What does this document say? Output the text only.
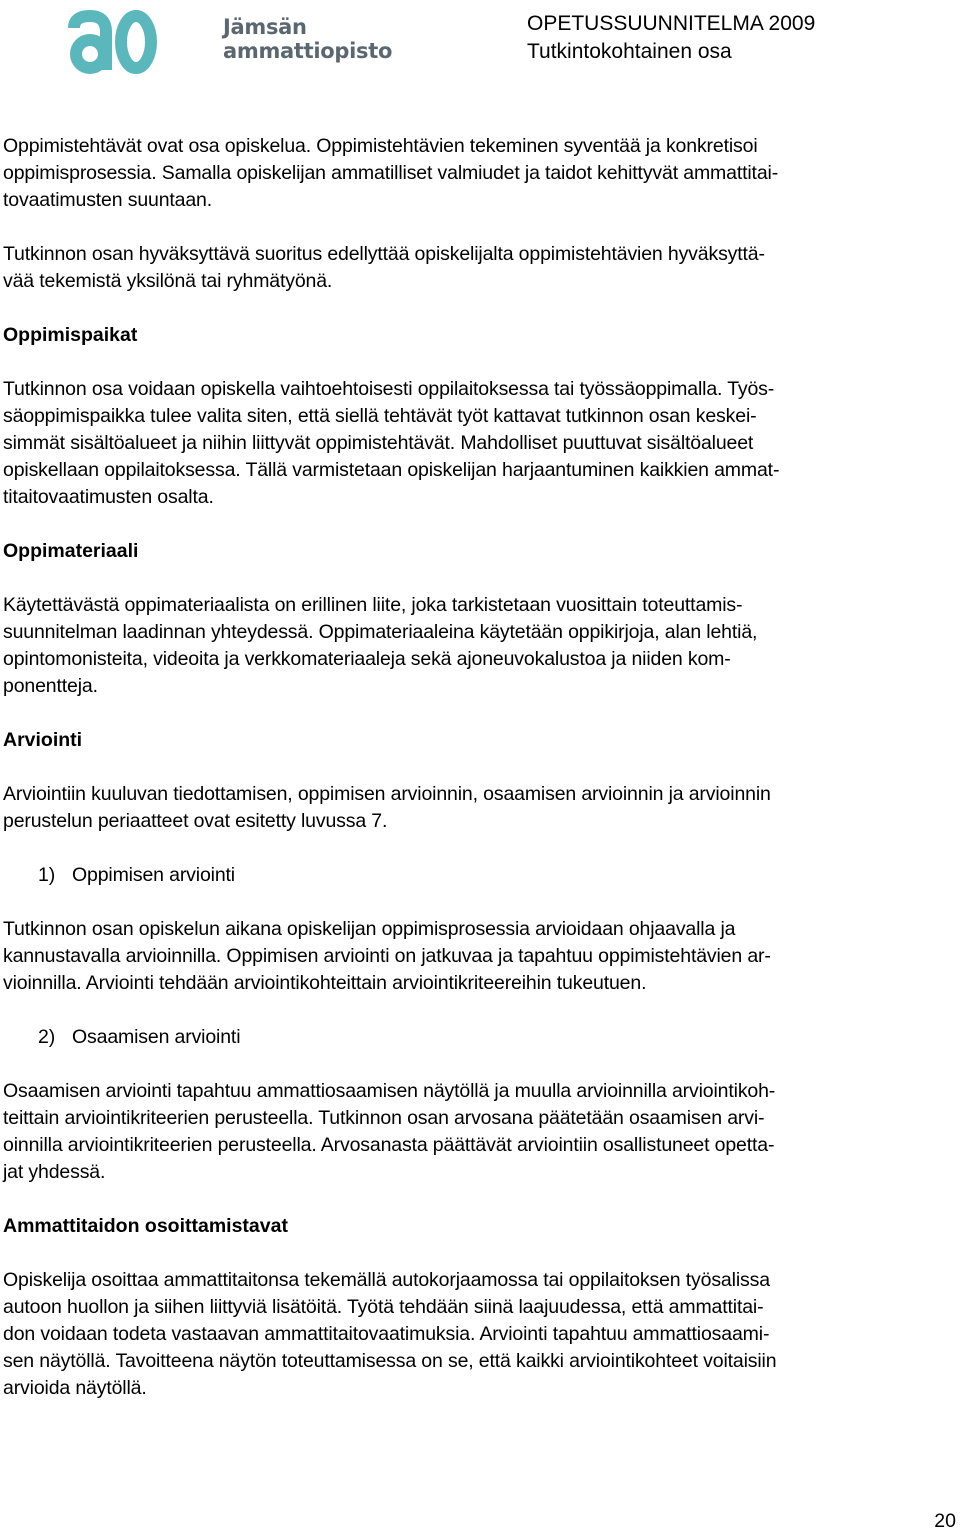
Jämsän
ammattiopisto
OPETUSSUUNNITELMA 2009
Tutkintokohtainen osa

Oppimistehtävät ovat osa opiskelua. Oppimistehtävien tekeminen syventää ja konkretisoi
oppimisprosessia. Samalla opiskelijan ammatilliset valmiudet ja taidot kehittyvät ammattitai-
tovaatimusten suuntaan.

Tutkinnon osan hyväksyttävä suoritus edellyttää opiskelijalta oppimistehtävien hyväksyttä-
vää tekemistä yksilönä tai ryhmätyönä.

Oppimispaikat

Tutkinnon osa voidaan opiskella vaihtoehtoisesti oppilaitoksessa tai työssäoppimalla. Työs-
säoppimispaikka tulee valita siten, että siellä tehtävät työt kattavat tutkinnon osan keskei-
simmät sisältöalueet ja niihin liittyvät oppimistehtävät. Mahdolliset puuttuvat sisältöalueet
opiskellaan oppilaitoksessa. Tällä varmistetaan opiskelijan harjaantuminen kaikkien ammat-
titaitovaatimusten osalta.

Oppimateriaali

Käytettävästä oppimateriaalista on erillinen liite, joka tarkistetaan vuosittain toteuttamis-
suunnitelman laadinnan yhteydessä. Oppimateriaaleina käytetään oppikirjoja, alan lehtiä,
opintomonisteita, videoita ja verkkomateriaaleja sekä ajoneuvokalustoa ja niiden kom-
ponentteja.

Arviointi

Arviointiin kuuluvan tiedottamisen, oppimisen arvioinnin, osaamisen arvioinnin ja arvioinnin
perustelun periaatteet ovat esitetty luvussa 7.

1) Oppimisen arviointi

Tutkinnon osan opiskelun aikana opiskelijan oppimisprosessia arvioidaan ohjaavalla ja
kannustavalla arvioinnilla. Oppimisen arviointi on jatkuvaa ja tapahtuu oppimistehtävien ar-
vioinnilla. Arviointi tehdään arviointikohteittain arviointikriteereihin tukeutuen.

2) Osaamisen arviointi

Osaamisen arviointi tapahtuu ammattiosaamisen näytöllä ja muulla arvioinnilla arviointikoh-
teittain arviointikriteerien perusteella. Tutkinnon osan arvosana päätetään osaamisen arvi-
oinnilla arviointikriteerien perusteella. Arvosanasta päättävät arviointiin osallistuneet opetta-
jat yhdessä.

Ammattitaidon osoittamistavat

Opiskelija osoittaa ammattitaitonsa tekemällä autokorjaamossa tai oppilaitoksen työsalissa
autoon huollon ja siihen liittyviä lisätöitä. Työtä tehdään siinä laajuudessa, että ammattitai-
don voidaan todeta vastaavan ammattitaitovaatimuksia. Arviointi tapahtuu ammattiosaami-
sen näytöllä. Tavoitteena näytön toteuttamisessa on se, että kaikki arviointikohteet voitaisiin
arvioida näytöllä.

20
